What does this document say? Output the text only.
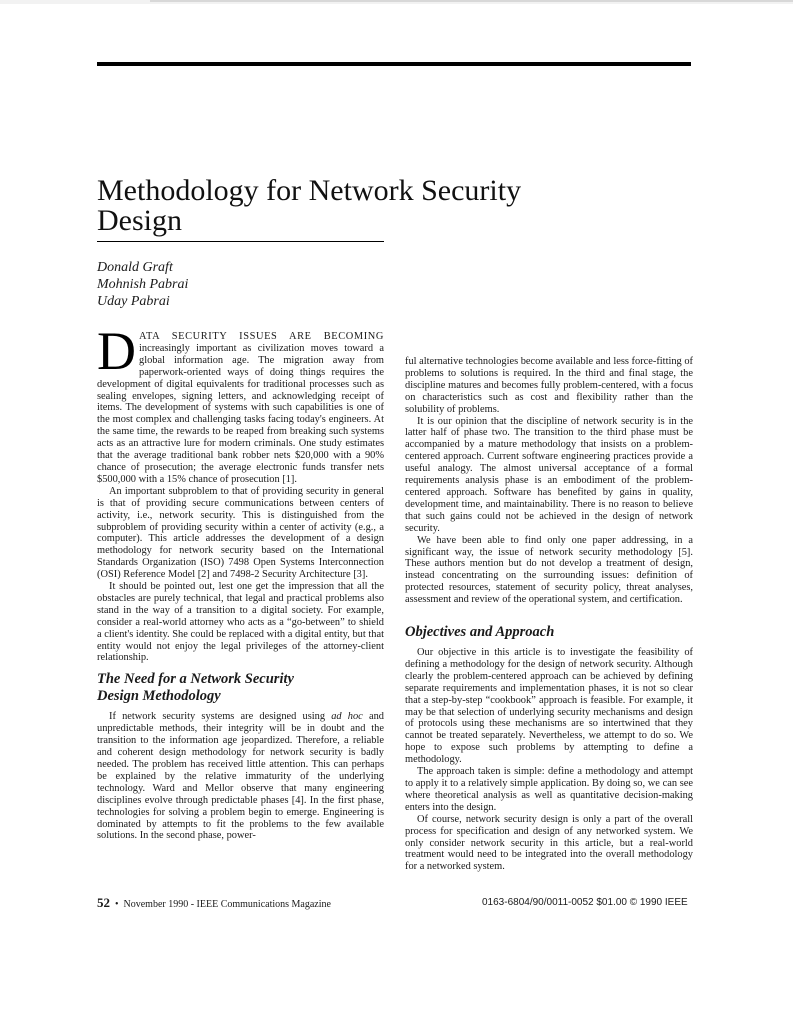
Methodology for Network Security Design
Donald Graft
Mohnish Pabrai
Uday Pabrai

DATA SECURITY ISSUES ARE BECOMING increasingly important as civilization moves toward a global information age. The migration away from paperwork-oriented ways of doing things requires the development of digital equivalents for traditional processes such as sealing envelopes, signing letters, and acknowledging receipt of items. The development of systems with such capabilities is one of the most complex and challenging tasks facing today's engineers. At the same time, the rewards to be reaped from breaking such systems acts as an attractive lure for modern criminals. One study estimates that the average traditional bank robber nets $20,000 with a 90% chance of prosecution; the average electronic funds transfer nets $500,000 with a 15% chance of prosecution [1].

An important subproblem to that of providing security in general is that of providing secure communications between centers of activity, i.e., network security. This is distinguished from the subproblem of providing security within a center of activity (e.g., a computer). This article addresses the development of a design methodology for network security based on the International Standards Organization (ISO) 7498 Open Systems Interconnection (OSI) Reference Model [2] and 7498-2 Security Architecture [3].

It should be pointed out, lest one get the impression that all the obstacles are purely technical, that legal and practical problems also stand in the way of a transition to a digital society. For example, consider a real-world attorney who acts as a “go-between” to shield a client's identity. She could be replaced with a digital entity, but that entity would not enjoy the legal privileges of the attorney-client relationship.

The Need for a Network Security
Design Methodology

If network security systems are designed using ad hoc and unpredictable methods, their integrity will be in doubt and the transition to the information age jeopardized. Therefore, a reliable and coherent design methodology for network security is badly needed. The problem has received little attention. This can perhaps be explained by the relative immaturity of the underlying technology. Ward and Mellor observe that many engineering disciplines evolve through predictable phases [4]. In the first phase, technologies for solving a problem begin to emerge. Engineering is dominated by attempts to fit the problems to the few available solutions. In the second phase, power-

ful alternative technologies become available and less force-fitting of problems to solutions is required. In the third and final stage, the discipline matures and becomes fully problem-centered, with a focus on characteristics such as cost and flexibility rather than the solubility of problems.

It is our opinion that the discipline of network security is in the latter half of phase two. The transition to the third phase must be accompanied by a mature methodology that insists on a problem-centered approach. Current software engineering practices provide a useful analogy. The almost universal acceptance of a formal requirements analysis phase is an embodiment of the problem-centered approach. Software has benefited by gains in quality, development time, and maintainability. There is no reason to believe that such gains could not be achieved in the design of network security.

We have been able to find only one paper addressing, in a significant way, the issue of network security methodology [5]. These authors mention but do not develop a treatment of design, instead concentrating on the surrounding issues: definition of protected resources, statement of security policy, threat analyses, assessment and review of the operational system, and certification.

Objectives and Approach

Our objective in this article is to investigate the feasibility of defining a methodology for the design of network security. Although clearly the problem-centered approach can be achieved by defining separate requirements and implementation phases, it is not so clear that a step-by-step “cookbook” approach is feasible. For example, it may be that selection of underlying security mechanisms and design of protocols using these mechanisms are so intertwined that they cannot be treated separately. Nevertheless, we attempt to do so. We hope to expose such problems by attempting to define a methodology.

The approach taken is simple: define a methodology and attempt to apply it to a relatively simple application. By doing so, we can see where theoretical analysis as well as quantitative decision-making enters into the design.

Of course, network security design is only a part of the overall process for specification and design of any networked system. We only consider network security in this article, but a real-world treatment would need to be integrated into the overall methodology for a networked system.

52 • November 1990 - IEEE Communications Magazine	0163-6804/90/0011-0052 $01.00 © 1990 IEEE
